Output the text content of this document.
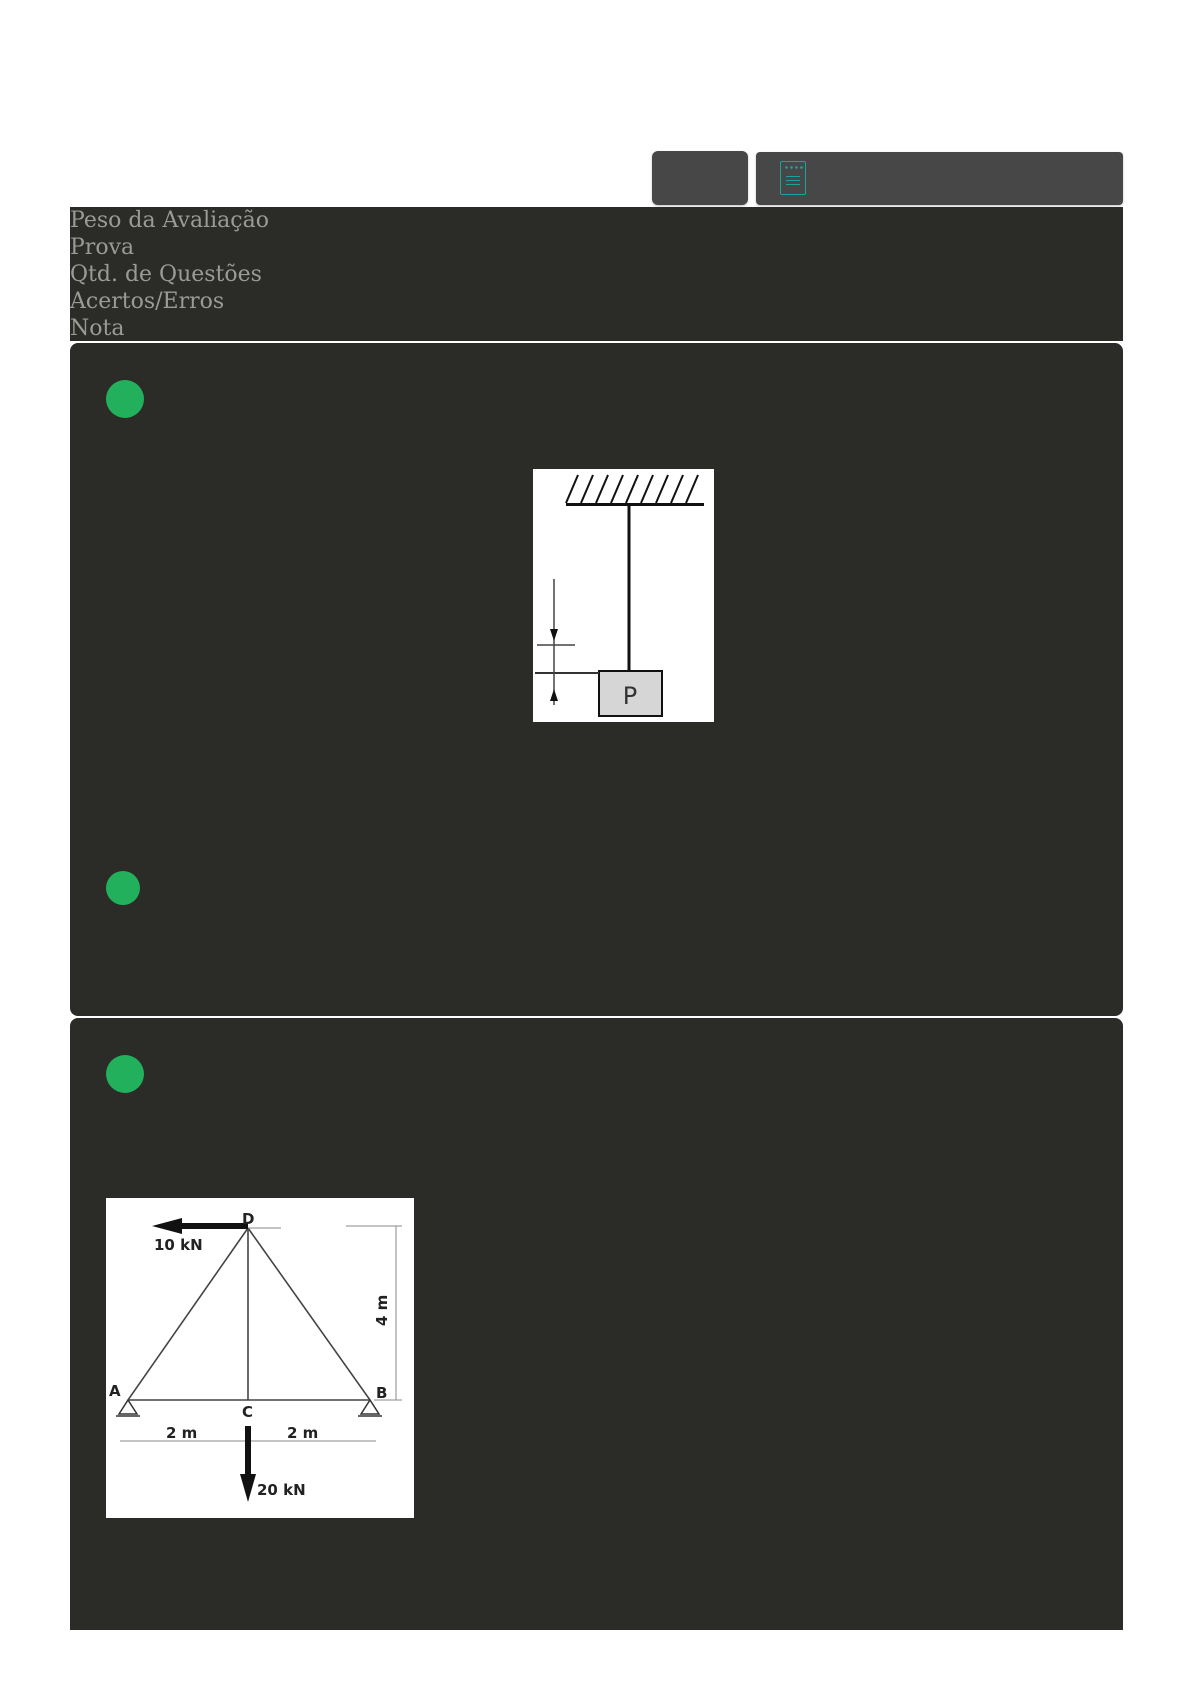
Peso da Avaliação
Prova
Qtd. de Questões
Acertos/Erros
Nota
P
A
D
C
B
10 kN
20 kN
2 m	2 m
4 m
